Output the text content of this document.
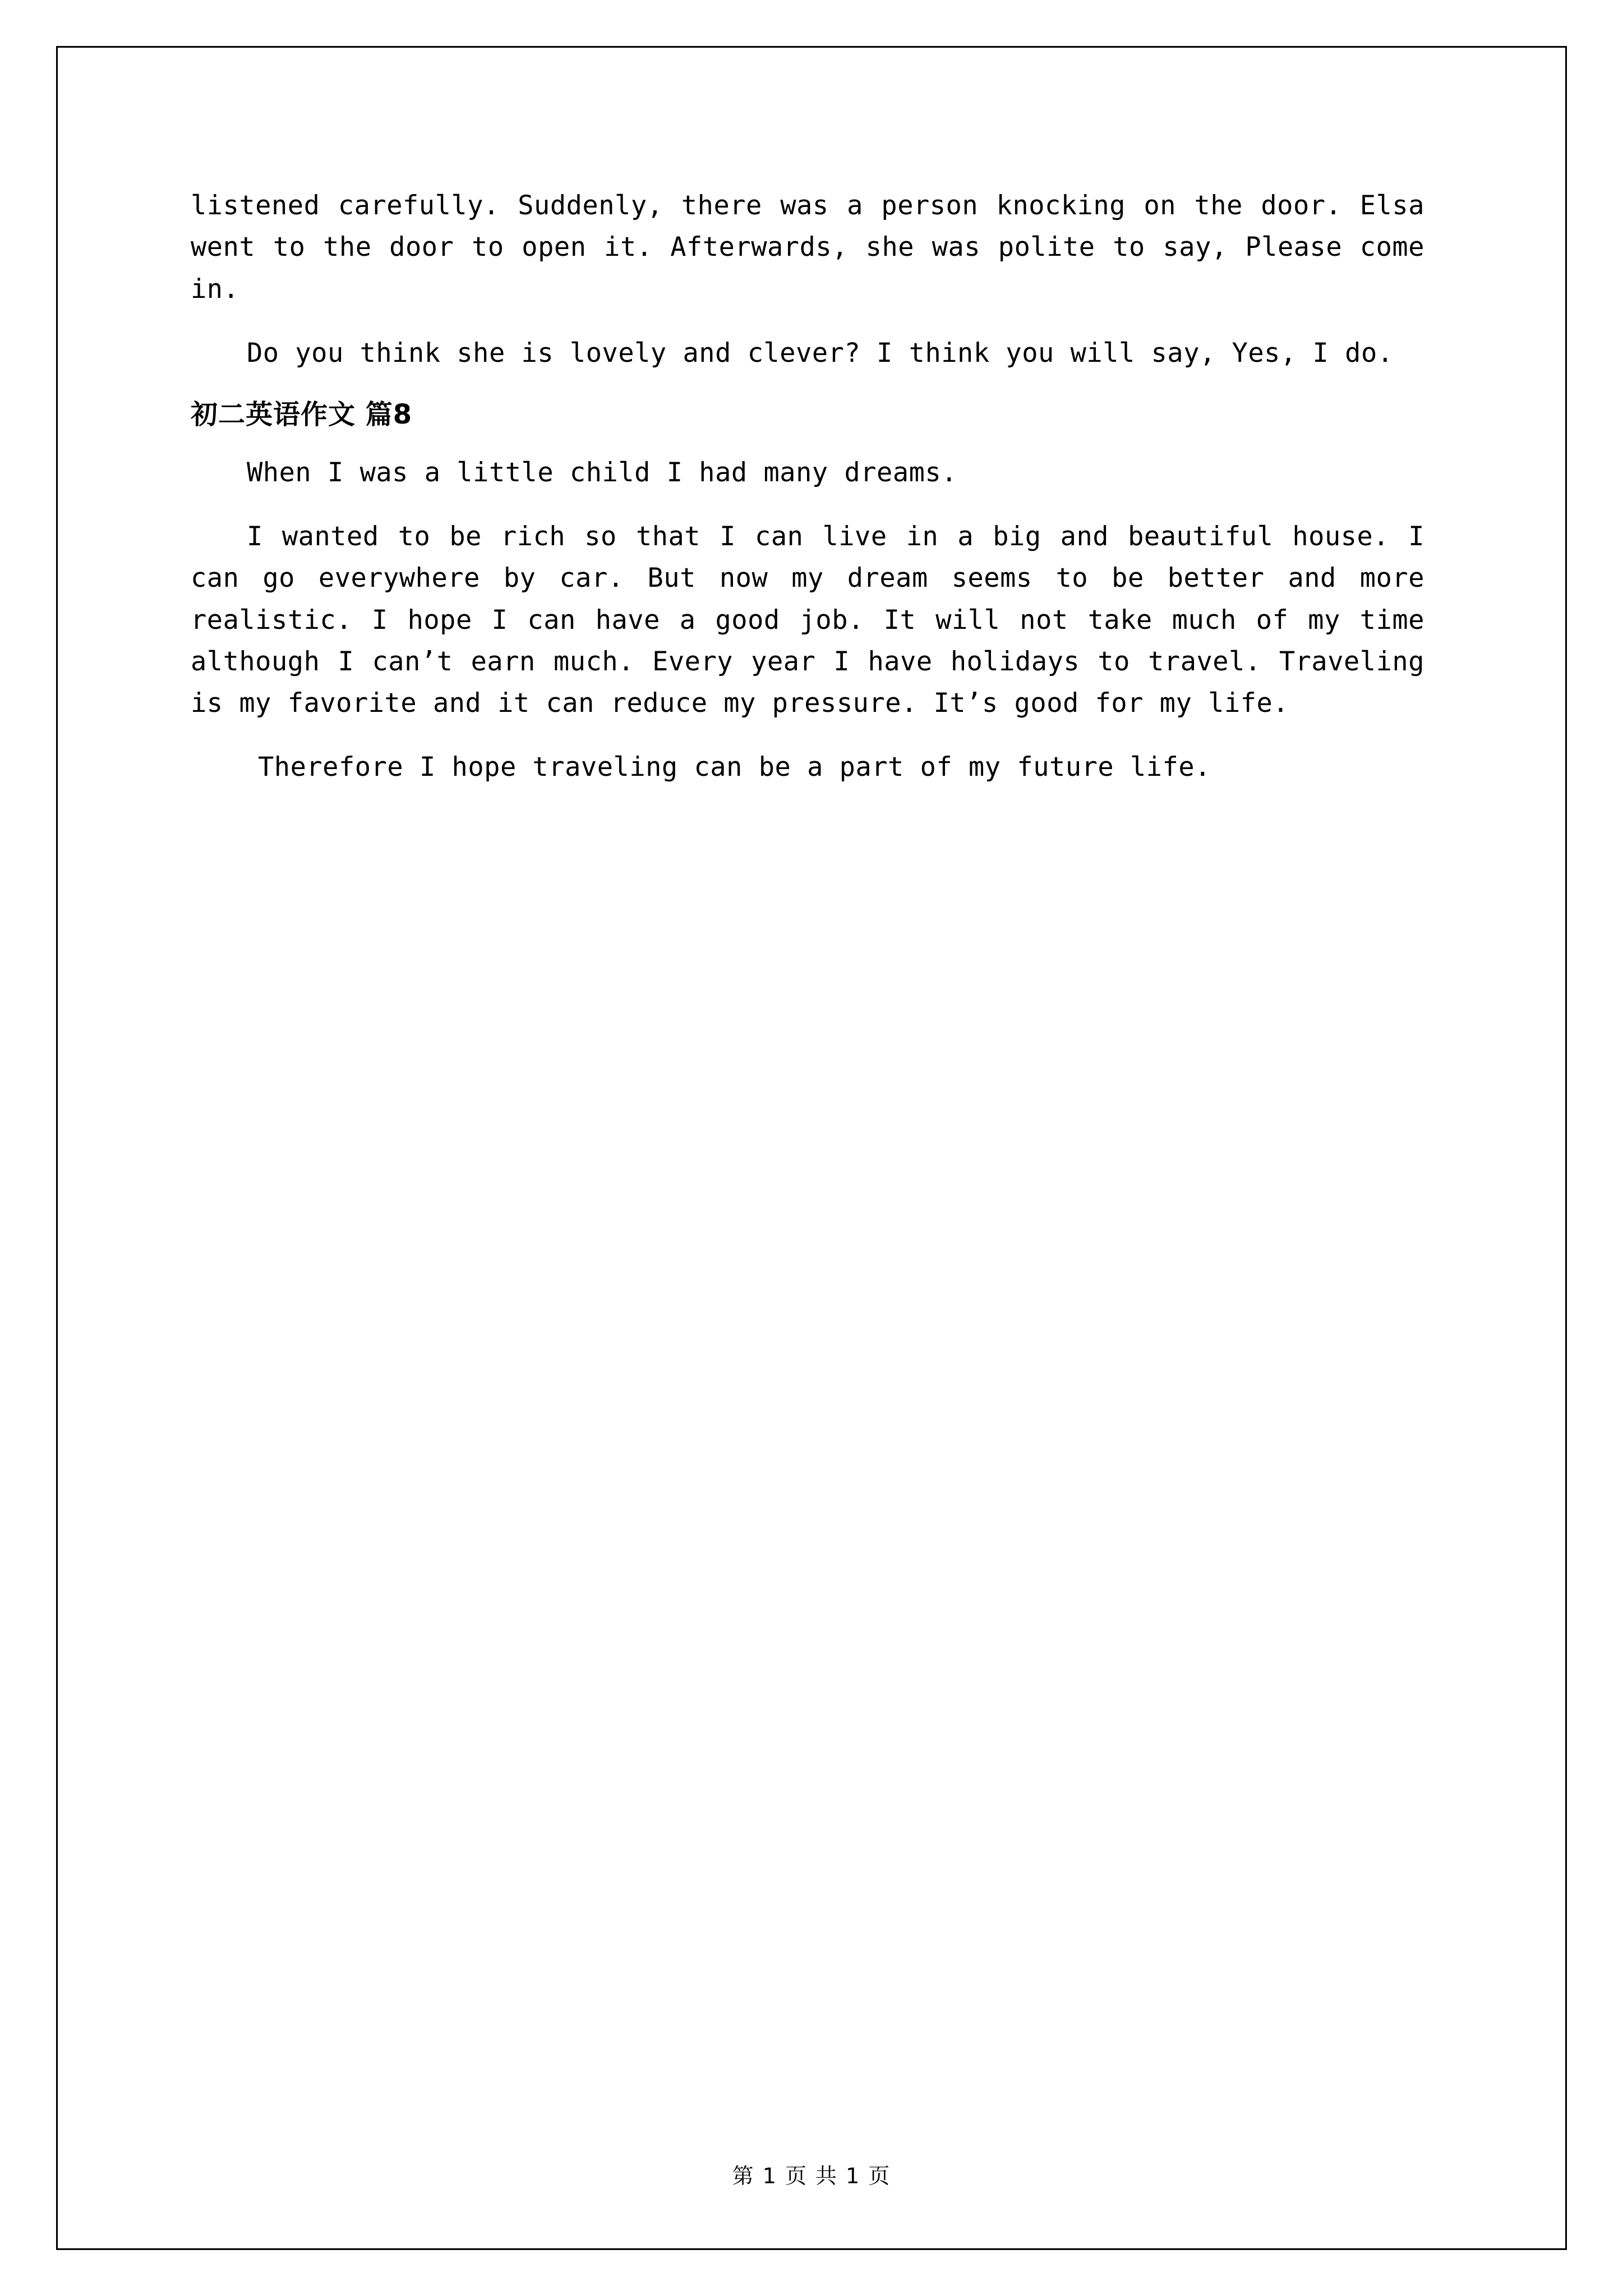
listened carefully. Suddenly, there was a person knocking on the door. Elsa went to the door to open it. Afterwards, she was polite to say, Please come in.

Do you think she is lovely and clever? I think you will say, Yes, I do.

初二英语作文 篇8

When I was a little child I had many dreams.

I wanted to be rich so that I can live in a big and beautiful house. I can go everywhere by car. But now my dream seems to be better and more realistic. I hope I can have a good job. It will not take much of my time although I can’t earn much. Every year I have holidays to travel. Traveling is my favorite and it can reduce my pressure. It’s good for my life.

Therefore I hope traveling can be a part of my future life.

第 1 页 共 1 页
